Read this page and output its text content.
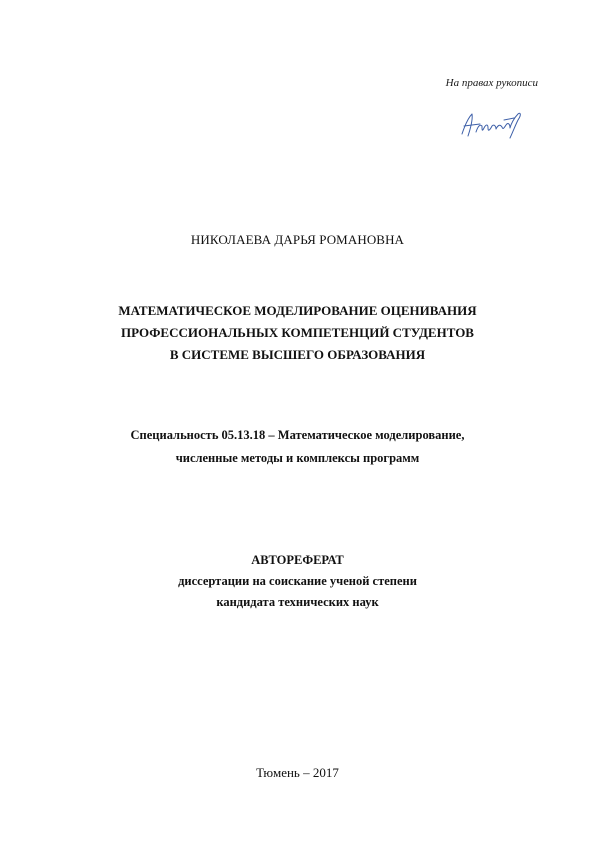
На правах рукописи
НИКОЛАЕВА ДАРЬЯ РОМАНОВНА
МАТЕМАТИЧЕСКОЕ МОДЕЛИРОВАНИЕ ОЦЕНИВАНИЯ
ПРОФЕССИОНАЛЬНЫХ КОМПЕТЕНЦИЙ СТУДЕНТОВ
В СИСТЕМЕ ВЫСШЕГО ОБРАЗОВАНИЯ
Специальность 05.13.18 – Математическое моделирование,
численные методы и комплексы программ
АВТОРЕФЕРАТ
диссертации на соискание ученой степени
кандидата технических наук
Тюмень – 2017
